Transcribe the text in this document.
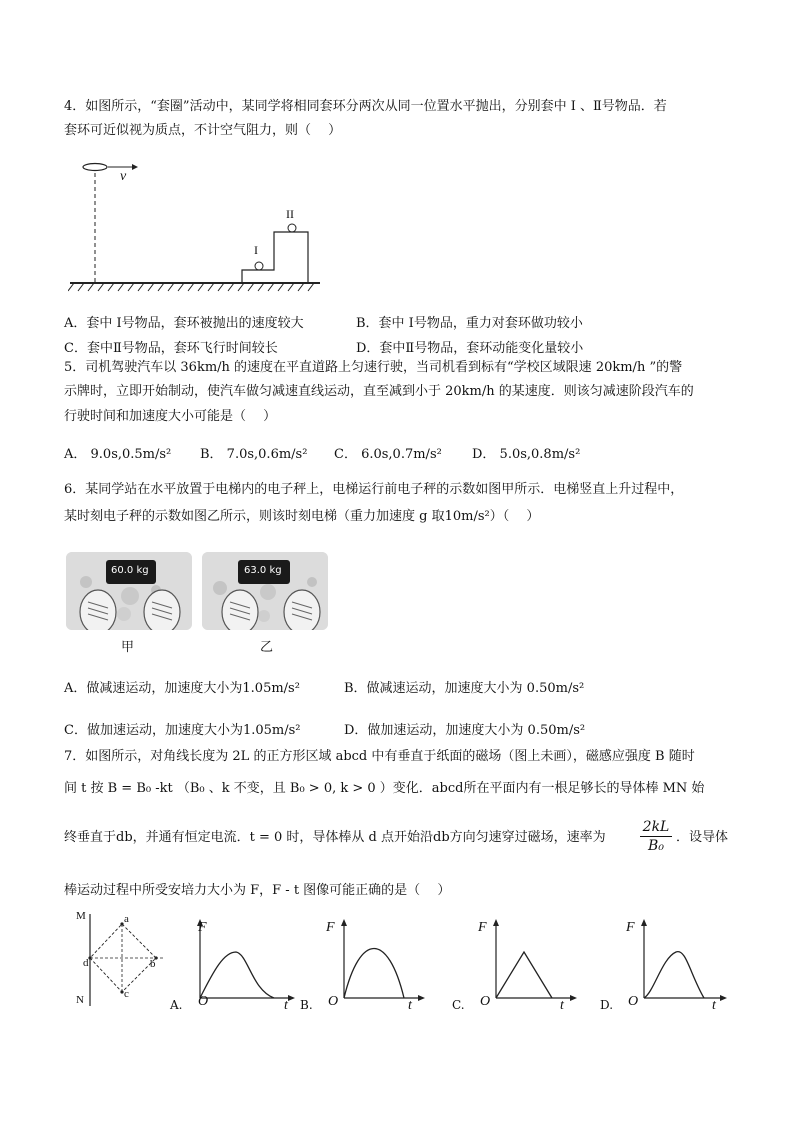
4．如图所示，“套圈”活动中，某同学将相同套环分两次从同一位置水平抛出，分别套中 Ⅰ 、Ⅱ号物品．若
套环可近似视为质点，不计空气阻力，则（　 ）
v
I
II
A．套中 Ⅰ号物品，套环被抛出的速度较大	B．套中 Ⅰ号物品，重力对套环做功较小
C．套中Ⅱ号物品，套环飞行时间较长	D．套中Ⅱ号物品，套环动能变化量较小
5．司机驾驶汽车以 36km/h 的速度在平直道路上匀速行驶，当司机看到标有“学校区域限速 20km/h ”的警
示牌时，立即开始制动，使汽车做匀减速直线运动，直至减到小于 20km/h 的某速度．则该匀减速阶段汽车的
行驶时间和加速度大小可能是（　 ）
A． 9.0s,0.5m/s² B． 7.0s,0.6m/s² C． 6.0s,0.7m/s² D． 5.0s,0.8m/s²
6．某同学站在水平放置于电梯内的电子秤上，电梯运行前电子秤的示数如图甲所示．电梯竖直上升过程中，
某时刻电子秤的示数如图乙所示，则该时刻电梯（重力加速度 g 取10m/s²）（　 ）
60.0 kg
甲
63.0 kg
乙
A．做减速运动，加速度大小为1.05m/s²	B．做减速运动，加速度大小为 0.50m/s²
C．做加速运动，加速度大小为1.05m/s²	D．做加速运动，加速度大小为 0.50m/s²
7．如图所示，对角线长度为 2L 的正方形区域 abcd 中有垂直于纸面的磁场（图上未画），磁感应强度 B 随时
间 t 按 B = B₀ -kt （B₀ 、k 不变，且 B₀ > 0, k > 0 ）变化．abcd所在平面内有一根足够长的导体棒 MN 始
终垂直于db，并通有恒定电流．t = 0 时，导体棒从 d 点开始沿db方向匀速穿过磁场，速率为 $\frac{2kL}{\text{B₀}}$ ．设导体
棒运动过程中所受安培力大小为 F，F - t 图像可能正确的是（　 ）
M
N
a
b
c
d
A.
F
O	t B.
F
O	t	C.
F
O	t	D.
F
O	t
